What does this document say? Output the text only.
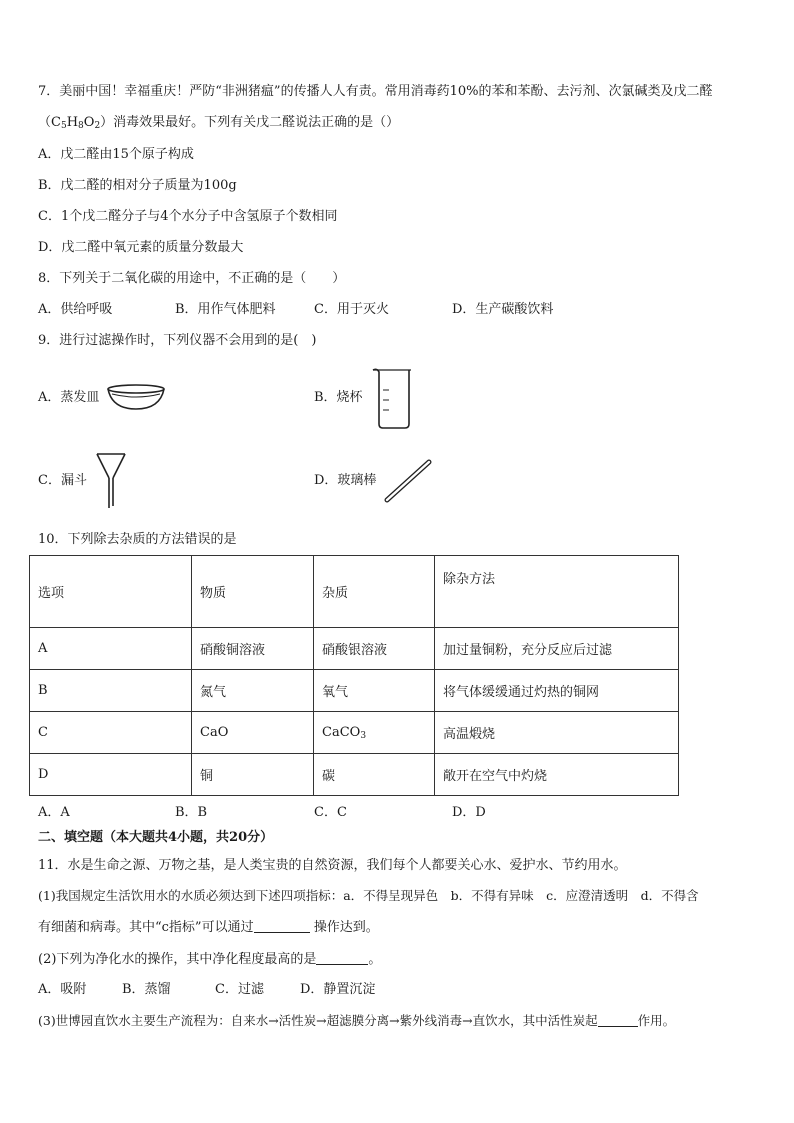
7．美丽中国！幸福重庆！严防“非洲猪瘟”的传播人人有责。常用消毒药10%的苯和苯酚、去污剂、次氯碱类及戊二醛
$(C_5H_8O_2)$消毒效果最好。下列有关戊二醛说法正确的是（）
A．戊二醛由15个原子构成
B．戊二醛的相对分子质量为100g
C．1个戊二醛分子与4个水分子中含氢原子个数相同
D．戊二醛中氧元素的质量分数最大
8．下列关于二氧化碳的用途中，不正确的是（　　）
A．供给呼吸	B．用作气体肥料	C．用于灭火	D．生产碳酸饮料
9．进行过滤操作时，下列仪器不会用到的是(　)
A．蒸发皿	B．烧杯
C．漏斗	D．玻璃棒
10．下列除去杂质的方法错误的是
选项	物质	杂质	除杂方法
A	硝酸铜溶液	硝酸银溶液	加过量铜粉，充分反应后过滤
B	氮气	氧气	将气体缓缓通过灼热的铜网
C	CaO	CaCO$_3$	高温煅烧
D	铜	碳	敞开在空气中灼烧
A．A	B．B	C．C	D．D
二、填空题（本大题共4小题，共20分）
11．水是生命之源、万物之基，是人类宝贵的自然资源，我们每个人都要关心水、爱护水、节约用水。
(1)我国规定生活饮用水的水质必须达到下述四项指标：a．不得呈现异色　b．不得有异味　c．应澄清透明　d．不得含
有细菌和病毒。其中“c指标”可以通过	操作达到。
(2)下列为净化水的操作，其中净化程度最高的是	。
A．吸附	B．蒸馏	C．过滤	D．静置沉淀
(3)世博园直饮水主要生产流程为：自来水→活性炭→超滤膜分离→紫外线消毒→直饮水，其中活性炭起	作用。
